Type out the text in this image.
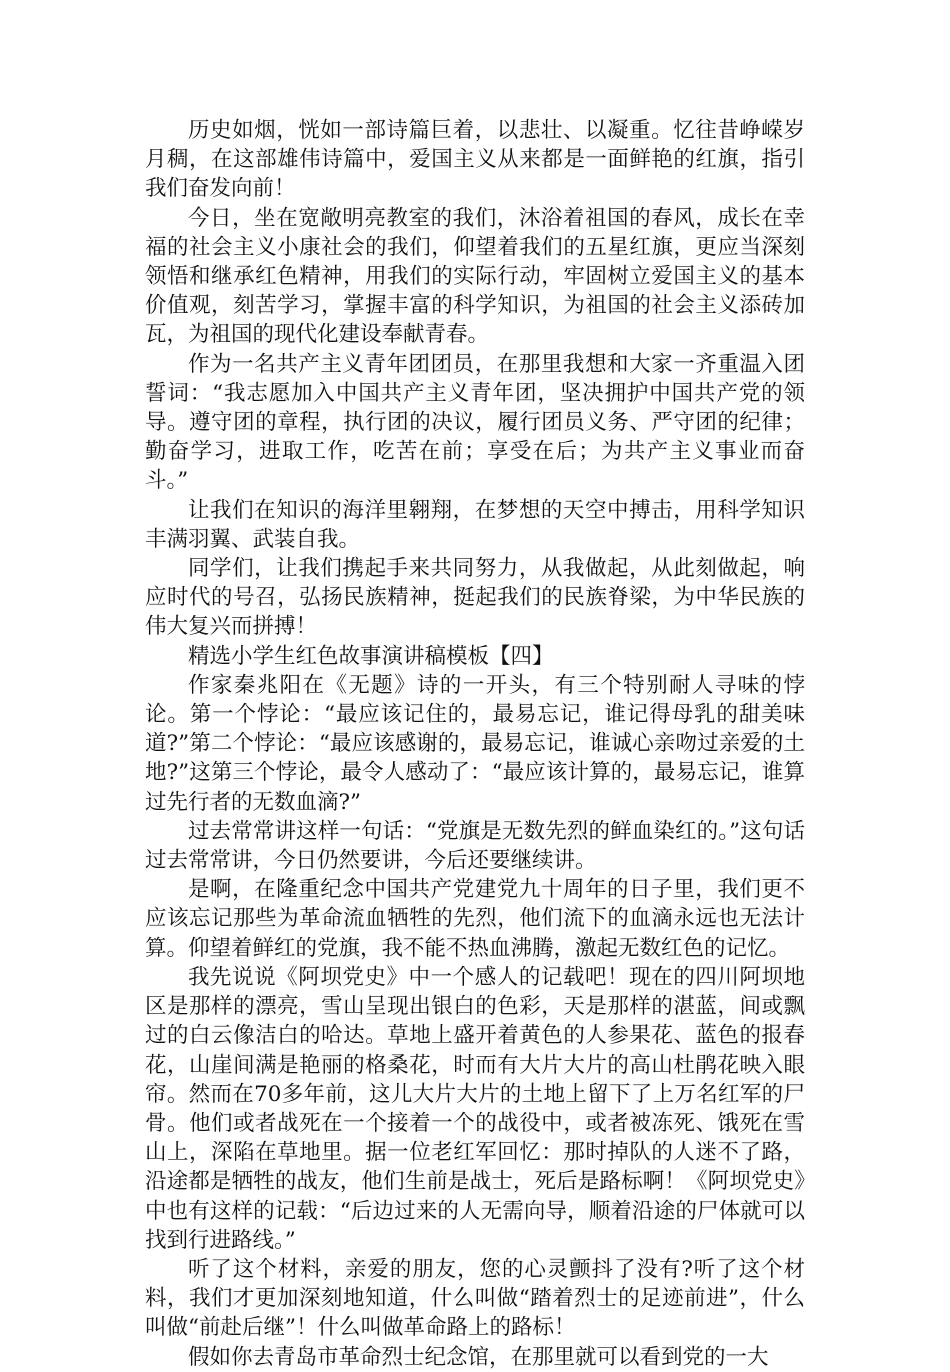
历史如烟，恍如一部诗篇巨着，以悲壮、以凝重。忆往昔峥嵘岁月稠，在这部雄伟诗篇中，爱国主义从来都是一面鲜艳的红旗，指引我们奋发向前！

今日，坐在宽敞明亮教室的我们，沐浴着祖国的春风，成长在幸福的社会主义小康社会的我们，仰望着我们的五星红旗，更应当深刻领悟和继承红色精神，用我们的实际行动，牢固树立爱国主义的基本价值观，刻苦学习，掌握丰富的科学知识，为祖国的社会主义添砖加瓦，为祖国的现代化建设奉献青春。

作为一名共产主义青年团团员，在那里我想和大家一齐重温入团誓词：“我志愿加入中国共产主义青年团，坚决拥护中国共产党的领导。遵守团的章程，执行团的决议，履行团员义务、严守团的纪律；勤奋学习，进取工作，吃苦在前；享受在后；为共产主义事业而奋斗。”

让我们在知识的海洋里翱翔，在梦想的天空中搏击，用科学知识丰满羽翼、武装自我。

同学们，让我们携起手来共同努力，从我做起，从此刻做起，响应时代的号召，弘扬民族精神，挺起我们的民族脊梁，为中华民族的伟大复兴而拼搏！

精选小学生红色故事演讲稿模板【四】

作家秦兆阳在《无题》诗的一开头，有三个特别耐人寻味的悖论。第一个悖论：“最应该记住的，最易忘记，谁记得母乳的甜美味道?”第二个悖论：“最应该感谢的，最易忘记，谁诚心亲吻过亲爱的土地?”这第三个悖论，最令人感动了：“最应该计算的，最易忘记，谁算过先行者的无数血滴?”

过去常常讲这样一句话：“党旗是无数先烈的鲜血染红的。”这句话过去常常讲，今日仍然要讲，今后还要继续讲。

是啊，在隆重纪念中国共产党建党九十周年的日子里，我们更不应该忘记那些为革命流血牺牲的先烈，他们流下的血滴永远也无法计算。仰望着鲜红的党旗，我不能不热血沸腾，激起无数红色的记忆。

我先说说《阿坝党史》中一个感人的记载吧！现在的四川阿坝地区是那样的漂亮，雪山呈现出银白的色彩，天是那样的湛蓝，间或飘过的白云像洁白的哈达。草地上盛开着黄色的人参果花、蓝色的报春花，山崖间满是艳丽的格桑花，时而有大片大片的高山杜鹃花映入眼帘。然而在70多年前，这儿大片大片的土地上留下了上万名红军的尸骨。他们或者战死在一个接着一个的战役中，或者被冻死、饿死在雪山上，深陷在草地里。据一位老红军回忆：那时掉队的人迷不了路，沿途都是牺牲的战友，他们生前是战士，死后是路标啊！《阿坝党史》中也有这样的记载：“后边过来的人无需向导，顺着沿途的尸体就可以找到行进路线。”

听了这个材料，亲爱的朋友，您的心灵颤抖了没有?听了这个材料，我们才更加深刻地知道，什么叫做“踏着烈士的足迹前进”，什么叫做“前赴后继”！什么叫做革命路上的路标！

假如你去青岛市革命烈士纪念馆，在那里就可以看到党的一大
